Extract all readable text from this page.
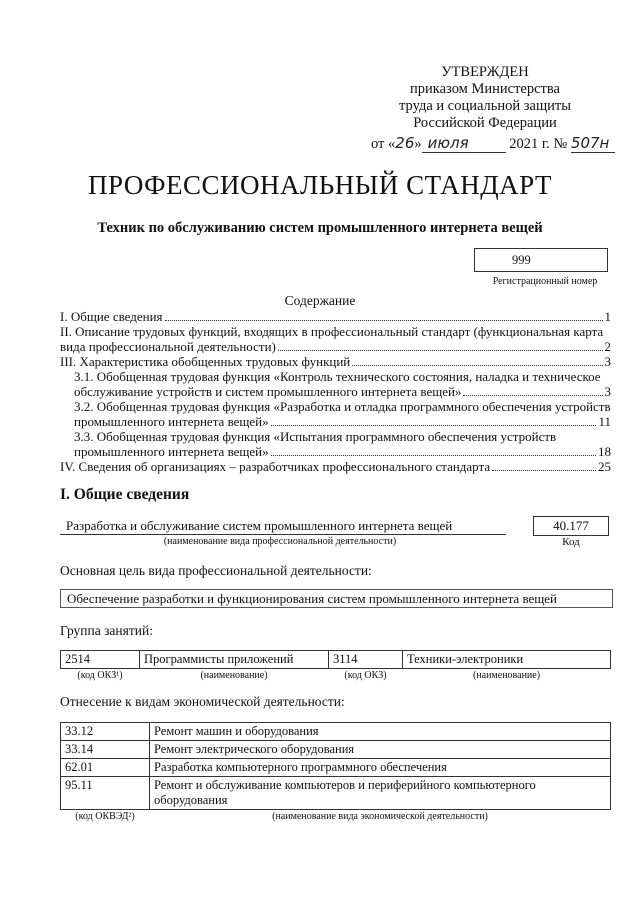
УТВЕРЖДЕН
приказом Министерства
труда и социальной защиты
Российской Федерации
от «26» июля	2021 г. № 507н
ПРОФЕССИОНАЛЬНЫЙ СТАНДАРТ
Техник по обслуживанию систем промышленного интернета вещей
999
Регистрационный номер
Содержание
I. Общие сведения	1
II. Описание трудовых функций, входящих в профессиональный стандарт (функциональная карта
вида профессиональной деятельности)	2
III. Характеристика обобщенных трудовых функций	3
3.1. Обобщенная трудовая функция «Контроль технического состояния, наладка и техническое
обслуживание устройств и систем промышленного интернета вещей»	3
3.2. Обобщенная трудовая функция «Разработка и отладка программного обеспечения устройств
промышленного интернета вещей»	11
3.3. Обобщенная трудовая функция «Испытания программного обеспечения устройств
промышленного интернета вещей»	18
IV. Сведения об организациях – разработчиках профессионального стандарта	25
I. Общие сведения
Разработка и обслуживание систем промышленного интернета вещей
(наименование вида профессиональной деятельности)
40.177
Код
Основная цель вида профессиональной деятельности:
Обеспечение разработки и функционирования систем промышленного интернета вещей
Группа занятий:
2514	Программисты приложений	3114	Техники-электроники
(код ОКЗ¹)	(наименование)	(код ОКЗ)	(наименование)
Отнесение к видам экономической деятельности:
33.12	Ремонт машин и оборудования
33.14	Ремонт электрического оборудования
62.01	Разработка компьютерного программного обеспечения
95.11	Ремонт и обслуживание компьютеров и периферийного компьютерного оборудования
(код ОКВЭД²)	(наименование вида экономической деятельности)
